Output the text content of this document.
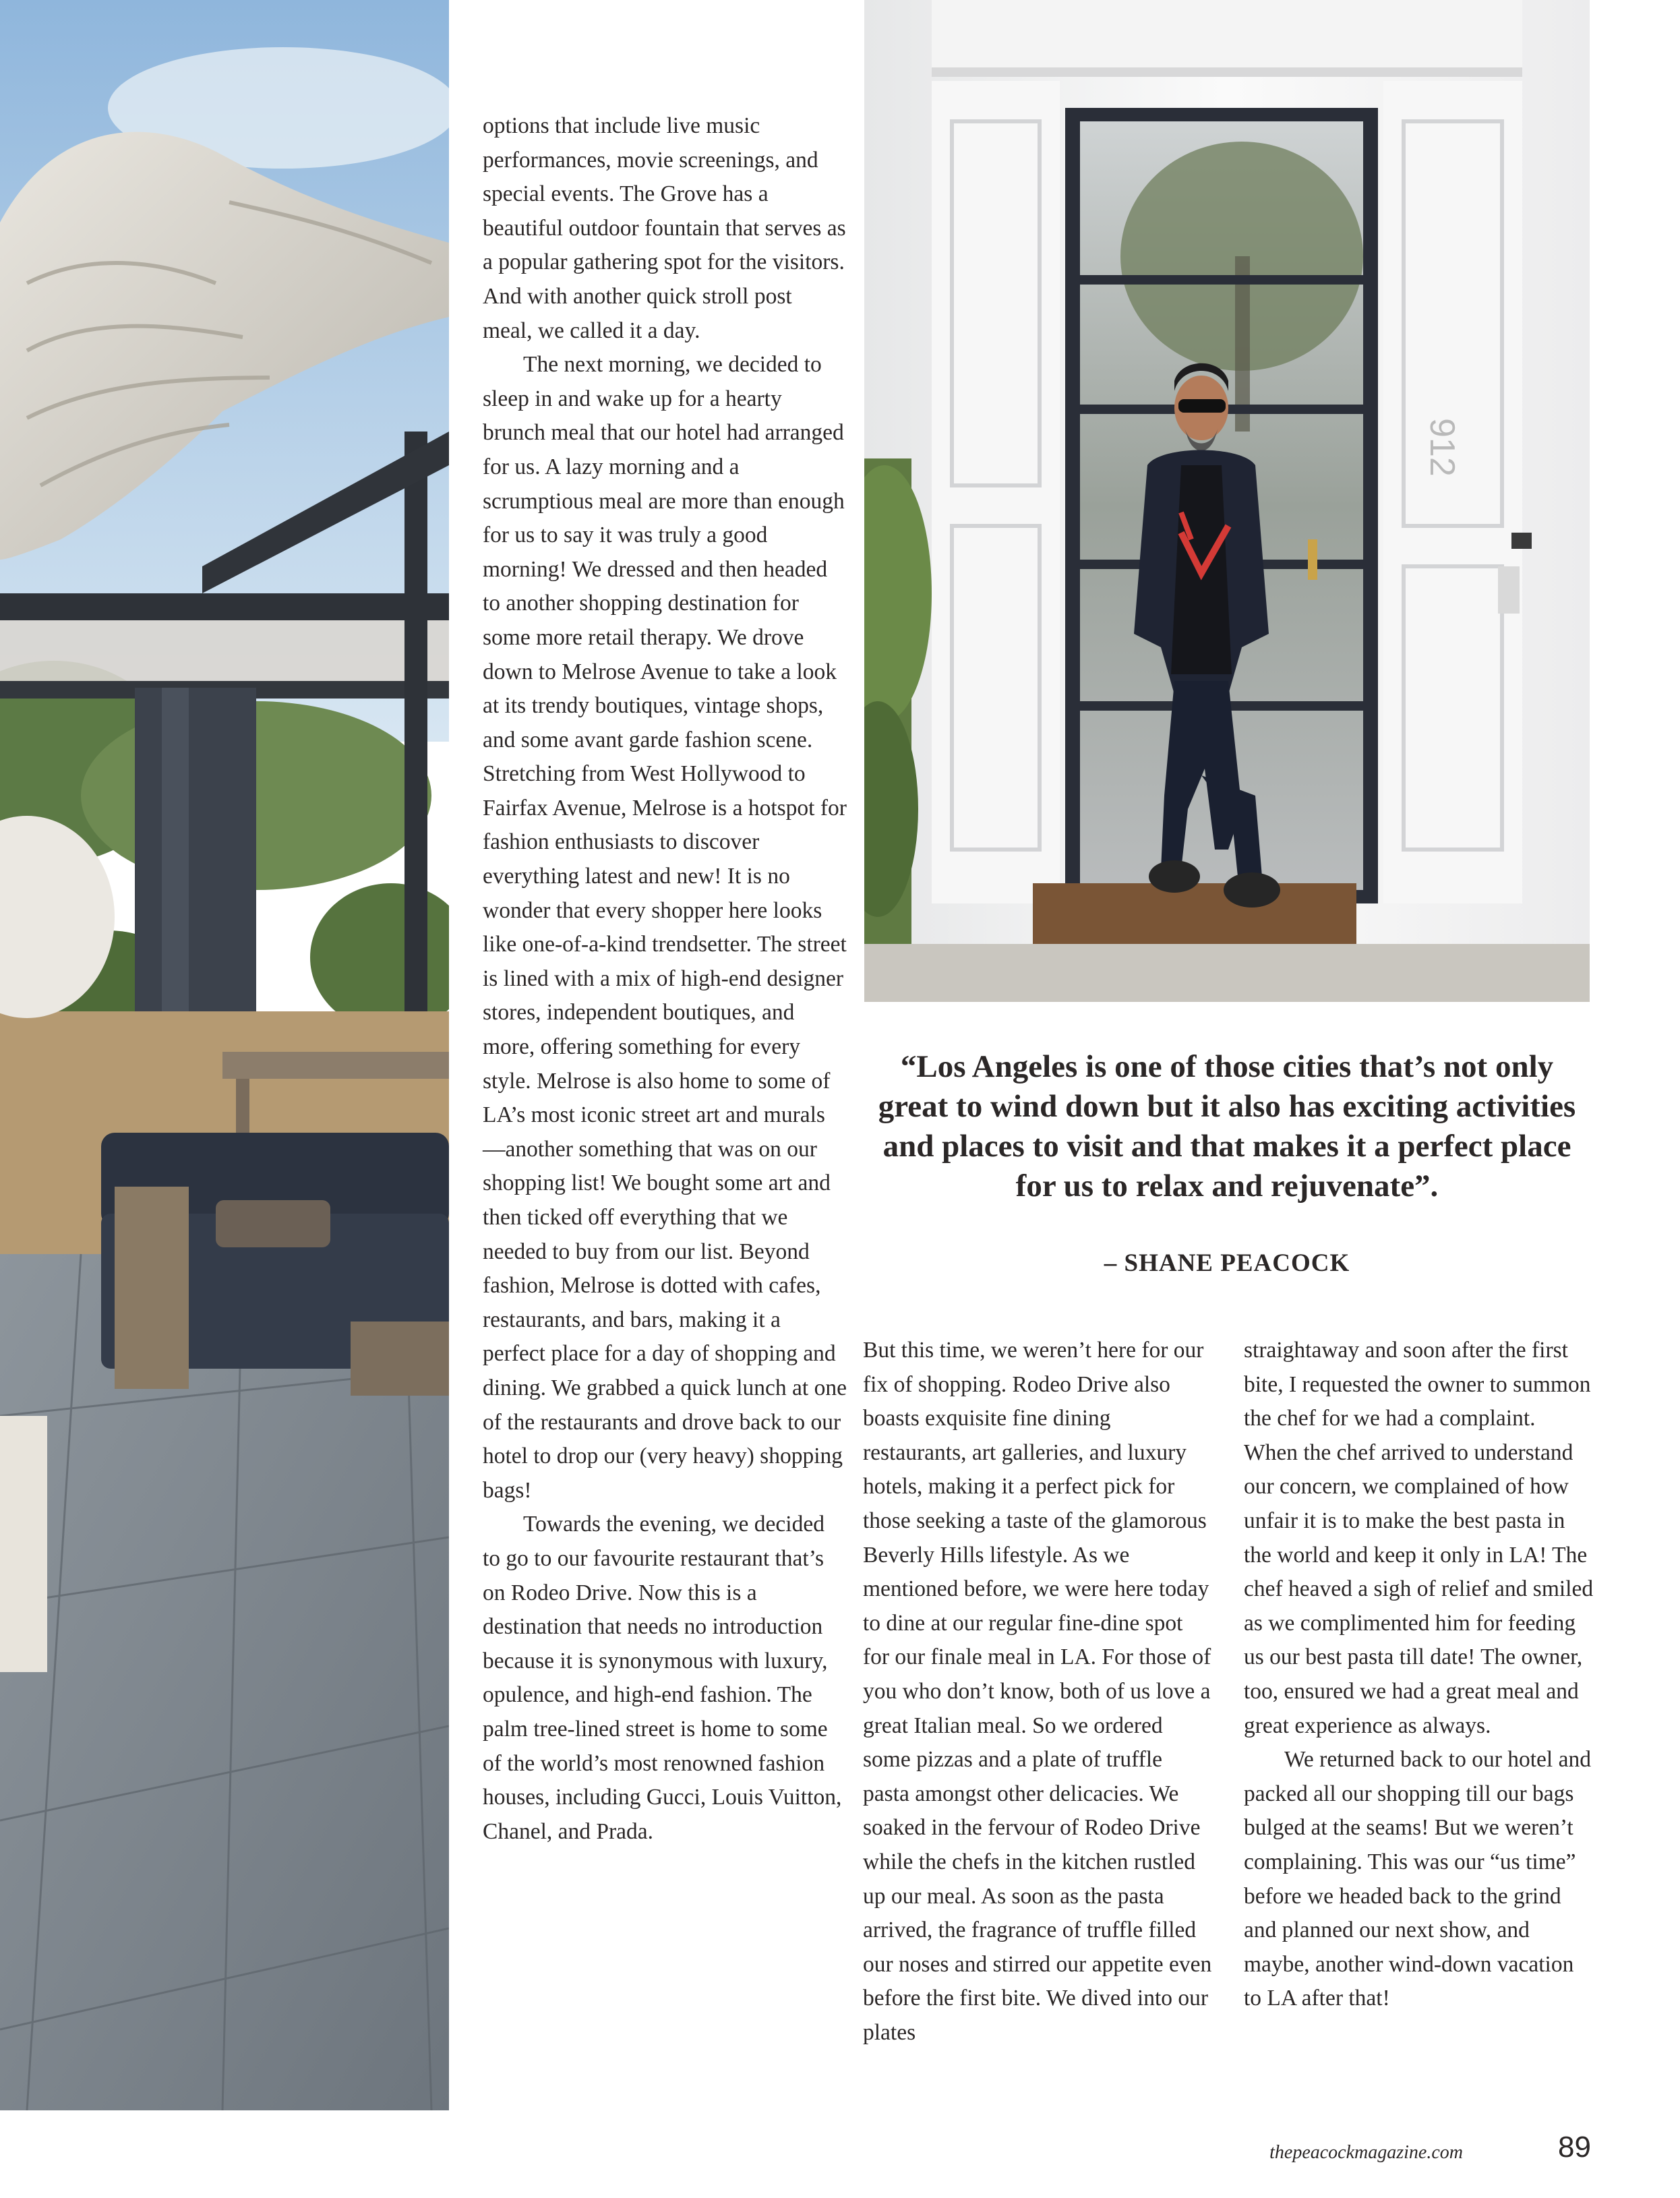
912

options that include live music performances, movie screenings, and special events. The Grove has a beautiful outdoor fountain that serves as a popular gathering spot for the visitors. And with another quick stroll post meal, we called it a day.

The next morning, we decided to sleep in and wake up for a hearty brunch meal that our hotel had arranged for us. A lazy morning and a scrumptious meal are more than enough for us to say it was truly a good morning! We dressed and then headed to another shopping destination for some more retail therapy. We drove down to Melrose Avenue to take a look at its trendy boutiques, vintage shops, and some avant garde fashion scene. Stretching from West Hollywood to Fairfax Avenue, Melrose is a hotspot for fashion enthusiasts to discover everything latest and new! It is no wonder that every shopper here looks like one-of-a-kind trendsetter. The street is lined with a mix of high-end designer stores, independent boutiques, and more, offering something for every style. Melrose is also home to some of LA’s most iconic street art and murals—another something that was on our shopping list! We bought some art and then ticked off everything that we needed to buy from our list. Beyond fashion, Melrose is dotted with cafes, restaurants, and bars, making it a perfect place for a day of shopping and dining. We grabbed a quick lunch at one of the restaurants and drove back to our hotel to drop our (very heavy) shopping bags!

Towards the evening, we decided to go to our favourite restaurant that’s on Rodeo Drive. Now this is a destination that needs no introduction because it is synonymous with luxury, opulence, and high-end fashion. The palm tree-lined street is home to some of the world’s most renowned fashion houses, including Gucci, Louis Vuitton, Chanel, and Prada.

“Los Angeles is one of those cities that’s not only great to wind down but it also has exciting activities and places to visit and that makes it a perfect place for us to relax and rejuvenate”.
– SHANE PEACOCK

But this time, we weren’t here for our fix of shopping. Rodeo Drive also boasts exquisite fine dining restaurants, art galleries, and luxury hotels, making it a perfect pick for those seeking a taste of the glamorous Beverly Hills lifestyle. As we mentioned before, we were here today to dine at our regular fine-dine spot for our finale meal in LA. For those of you who don’t know, both of us love a great Italian meal. So we ordered some pizzas and a plate of truffle pasta amongst other delicacies. We soaked in the fervour of Rodeo Drive while the chefs in the kitchen rustled up our meal. As soon as the pasta arrived, the fragrance of truffle filled our noses and stirred our appetite even before the first bite. We dived into our plates

straightaway and soon after the first bite, I requested the owner to summon the chef for we had a complaint. When the chef arrived to understand our concern, we complained of how unfair it is to make the best pasta in the world and keep it only in LA! The chef heaved a sigh of relief and smiled as we complimented him for feeding us our best pasta till date! The owner, too, ensured we had a great meal and great experience as always.

We returned back to our hotel and packed all our shopping till our bags bulged at the seams! But we weren’t complaining. This was our “us time” before we headed back to the grind and planned our next show, and maybe, another wind-down vacation to LA after that!

thepeacockmagazine.com	89
